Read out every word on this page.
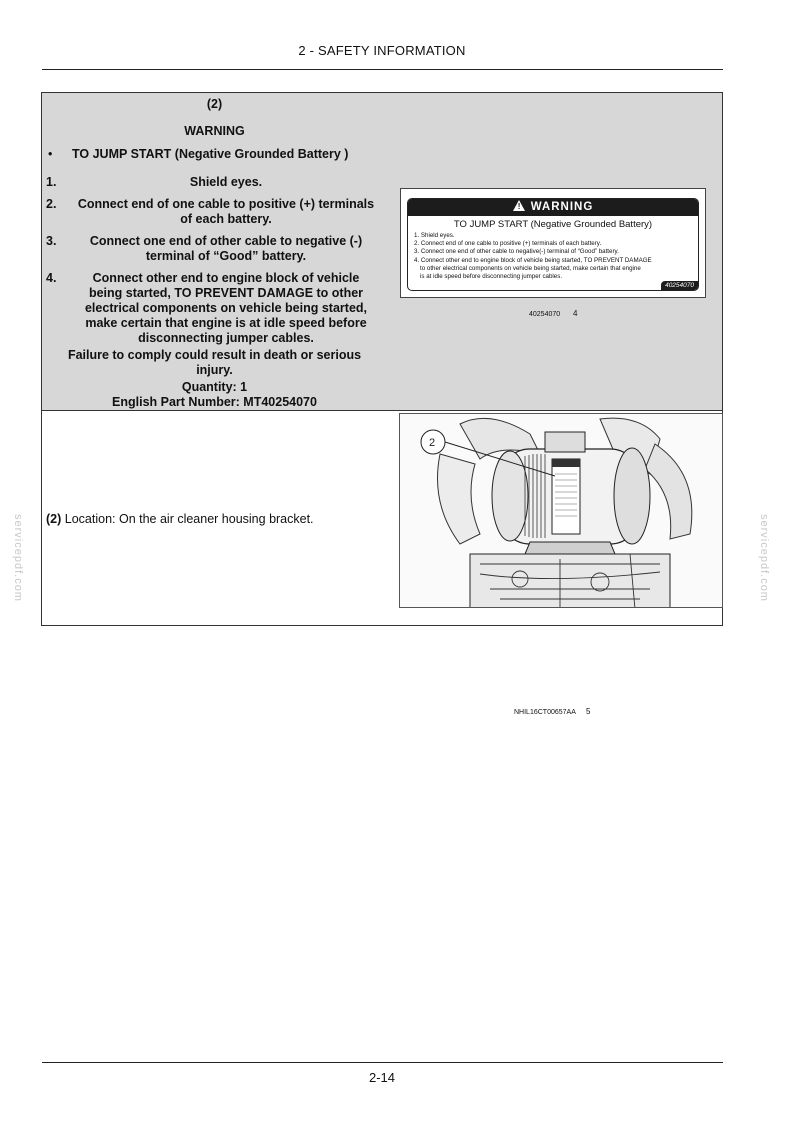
2 - SAFETY INFORMATION
(2)
WARNING
• TO JUMP START (Negative Grounded Battery )
1.	Shield eyes.
2.	Connect end of one cable to positive (+) terminals
of each battery.
3.	Connect one end of other cable to negative (-)
terminal of “Good” battery.
4.	Connect other end to engine block of vehicle
being started, TO PREVENT DAMAGE to other
electrical components on vehicle being started,
make certain that engine is at idle speed before
disconnecting jumper cables.
Failure to comply could result in death or serious
injury.
Quantity: 1
English Part Number: MT40254070
! WARNING
TO JUMP START (Negative Grounded Battery)
1. Shield eyes.
2. Connect end of one cable to positive (+) terminals of each battery.
3. Connect one end of other cable to negative(-) terminal of “Good” battery.
4. Connect other end to engine block of vehicle being started, TO PREVENT DAMAGE
to other electrical components on vehicle being started, make certain that engine
is at idle speed before disconnecting jumper cables.
40254070
40254070 4
(2) Location: On the air cleaner housing bracket.
2
NHIL16CT00657AA 5
servicepdf.com	servicepdf.com
2-14
